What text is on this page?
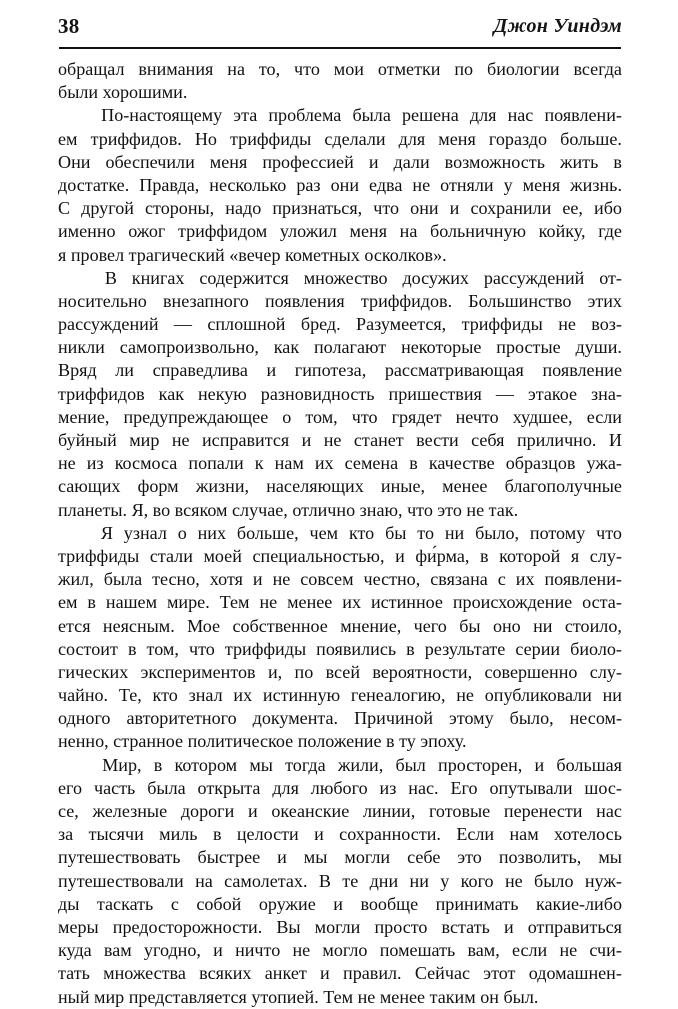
38	Джон Уиндэм
обращал внимания на то, что мои отметки по биологии всегда
были хорошими.
По-настоящему эта проблема была решена для нас появлени-
ем триффидов. Но триффиды сделали для меня гораздо больше.
Они обеспечили меня профессией и дали возможность жить в
достатке. Правда, несколько раз они едва не отняли у меня жизнь.
С другой стороны, надо признаться, что они и сохранили ее, ибо
именно ожог триффидом уложил меня на больничную койку, где
я провел трагический «вечер кометных осколков».
В книгах содержится множество досужих рассуждений от-
носительно внезапного появления триффидов. Большинство этих
рассуждений — сплошной бред. Разумеется, триффиды не воз-
никли самопроизвольно, как полагают некоторые простые души.
Вряд ли справедлива и гипотеза, рассматривающая появление
триффидов как некую разновидность пришествия — этакое зна-
мение, предупреждающее о том, что грядет нечто худшее, если
буйный мир не исправится и не станет вести себя прилично. И
не из космоса попали к нам их семена в качестве образцов ужа-
сающих форм жизни, населяющих иные, менее благополучные
планеты. Я, во всяком случае, отлично знаю, что это не так.
Я узнал о них больше, чем кто бы то ни было, потому что
триффиды стали моей специальностью, и фи́рма, в которой я слу-
жил, была тесно, хотя и не совсем честно, связана с их появлени-
ем в нашем мире. Тем не менее их истинное происхождение оста-
ется неясным. Мое собственное мнение, чего бы оно ни стоило,
состоит в том, что триффиды появились в результате серии биоло-
гических экспериментов и, по всей вероятности, совершенно слу-
чайно. Те, кто знал их истинную генеалогию, не опубликовали ни
одного авторитетного документа. Причиной этому было, несом-
ненно, странное политическое положение в ту эпоху.
Мир, в котором мы тогда жили, был просторен, и большая
его часть была открыта для любого из нас. Его опутывали шос-
се, железные дороги и океанские линии, готовые перенести нас
за тысячи миль в целости и сохранности. Если нам хотелось
путешествовать быстрее и мы могли себе это позволить, мы
путешествовали на самолетах. В те дни ни у кого не было нуж-
ды таскать с собой оружие и вообще принимать какие-либо
меры предосторожности. Вы могли просто встать и отправиться
куда вам угодно, и ничто не могло помешать вам, если не счи-
тать множества всяких анкет и правил. Сейчас этот одомашнен-
ный мир представляется утопией. Тем не менее таким он был.
